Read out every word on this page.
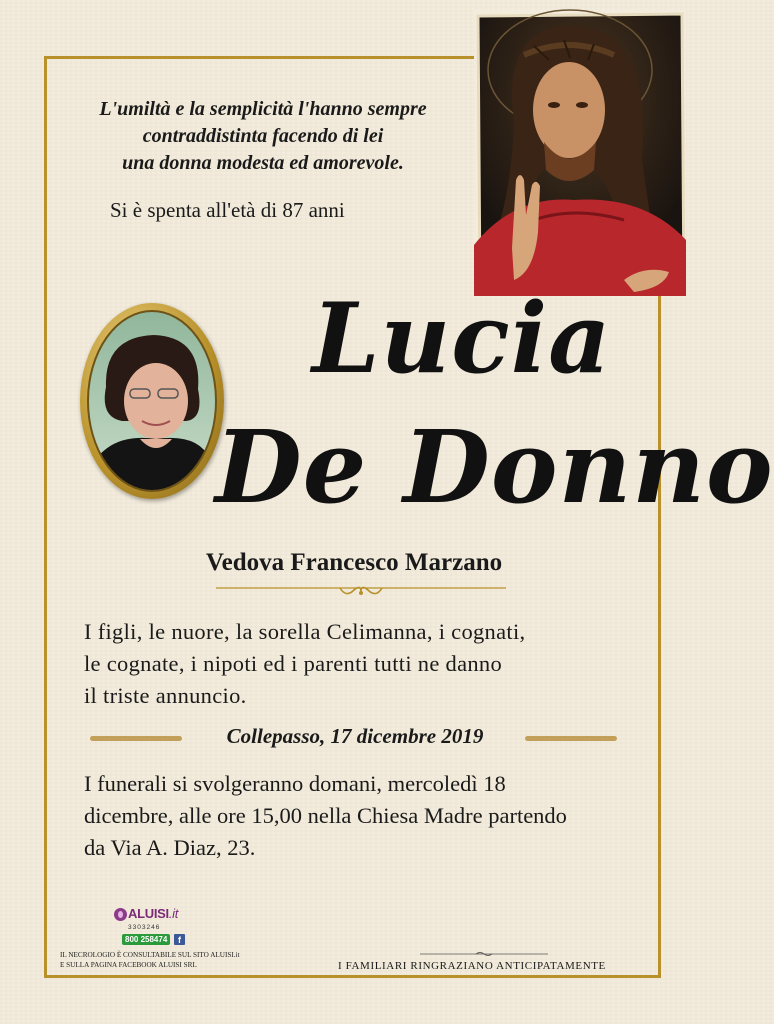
L'umiltà e la semplicità l'hanno sempre
contraddistinta facendo di lei
una donna modesta ed amorevole.
Si è spenta all'età di 87 anni
Lucia
De Donno
Vedova Francesco Marzano
I figli, le nuore, la sorella Celimanna, i cognati,
le cognate, i nipoti ed i parenti tutti ne danno
il triste annuncio.
Collepasso, 17 dicembre 2019
I funerali si svolgeranno domani, mercoledì 18
dicembre, alle ore 15,00 nella Chiesa Madre partendo
da Via A. Diaz, 23.
ALUISI.it
3303246
800 258474	f
IL NECROLOGIO È CONSULTABILE SUL SITO ALUISI.it
E SULLA PAGINA FACEBOOK ALUISI SRL	I FAMILIARI RINGRAZIANO ANTICIPATAMENTE
